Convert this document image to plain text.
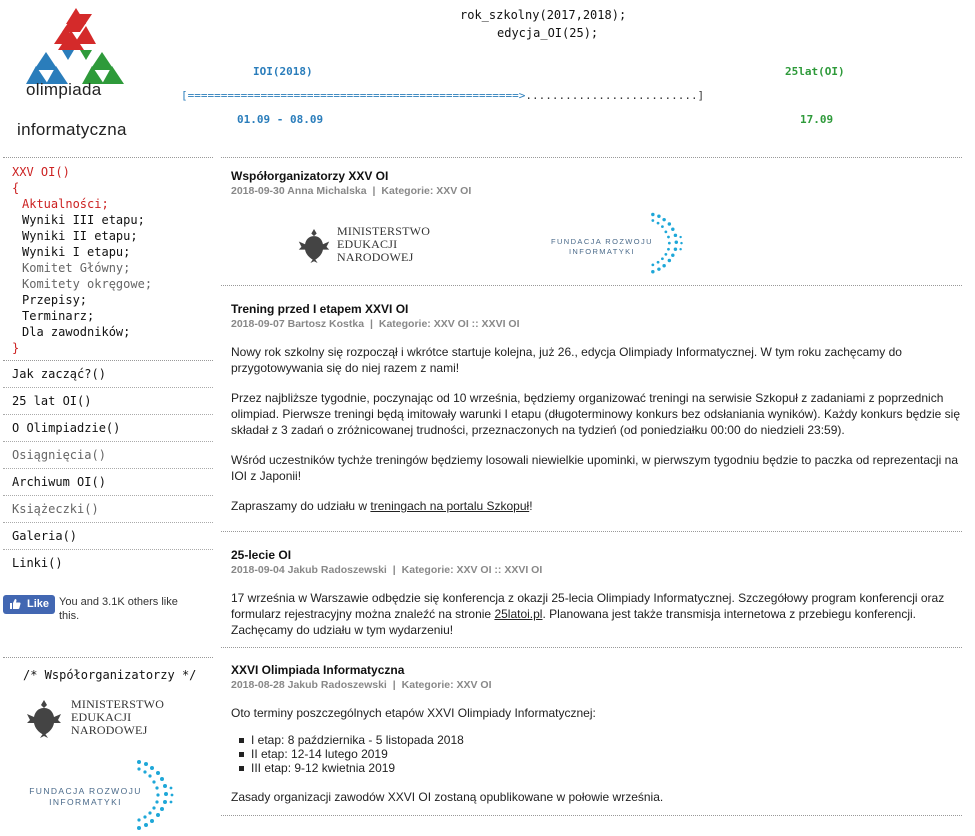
olimpiada
informatyczna
rok_szkolny(2017,2018);
edycja_OI(25);
IOI(2018)	25lat(OI)
[==================================================>..........................]
01.09 - 08.09	17.09
XXV OI()
{
Aktualności;
Wyniki III etapu;
Wyniki II etapu;
Wyniki I etapu;
Komitet Główny;
Komitety okręgowe;
Przepisy;
Terminarz;
Dla zawodników;
}
Jak zacząć?()
25 lat OI()
O Olimpiadzie()
Osiągnięcia()
Archiwum OI()
Książeczki()
Galeria()
Linki()
Like You and 3.1K others like this.
/* Współorganizatorzy */
MINISTERSTWO
EDUKACJI
NARODOWEJ
FUNDACJA ROZWOJU
INFORMATYKI
Współorganizatorzy XXV OI
2018-09-30 Anna Michalska | Kategorie: XXV OI
MINISTERSTWO
EDUKACJI
NARODOWEJ
FUNDACJA ROZWOJU
INFORMATYKI
Trening przed I etapem XXVI OI
2018-09-07 Bartosz Kostka | Kategorie: XXV OI :: XXVI OI

Nowy rok szkolny się rozpoczął i wkrótce startuje kolejna, już 26., edycja Olimpiady Informatycznej. W tym roku zachęcamy do przygotowywania się do niej razem z nami!

Przez najbliższe tygodnie, poczynając od 10 września, będziemy organizować treningi na serwisie Szkopuł z zadaniami z poprzednich olimpiad. Pierwsze treningi będą imitowały warunki I etapu (długoterminowy konkurs bez odsłaniania wyników). Każdy konkurs będzie się składał z 3 zadań o zróżnicowanej trudności, przeznaczonych na tydzień (od poniedziałku 00:00 do niedzieli 23:59).

Wśród uczestników tychże treningów będziemy losowali niewielkie upominki, w pierwszym tygodniu będzie to paczka od reprezentacji na IOI z Japonii!

Zapraszamy do udziału w treningach na portalu Szkopuł!

25-lecie OI
2018-09-04 Jakub Radoszewski | Kategorie: XXV OI :: XXVI OI

17 września w Warszawie odbędzie się konferencja z okazji 25-lecia Olimpiady Informatycznej. Szczegółowy program konferencji oraz formularz rejestracyjny można znaleźć na stronie 25latoi.pl. Planowana jest także transmisja internetowa z przebiegu konferencji. Zachęcamy do udziału w tym wydarzeniu!

XXVI Olimpiada Informatyczna
2018-08-28 Jakub Radoszewski | Kategorie: XXV OI

Oto terminy poszczególnych etapów XXVI Olimpiady Informatycznej:

I etap: 8 października - 5 listopada 2018
II etap: 12-14 lutego 2019
III etap: 9-12 kwietnia 2019

Zasady organizacji zawodów XXVI OI zostaną opublikowane w połowie września.
